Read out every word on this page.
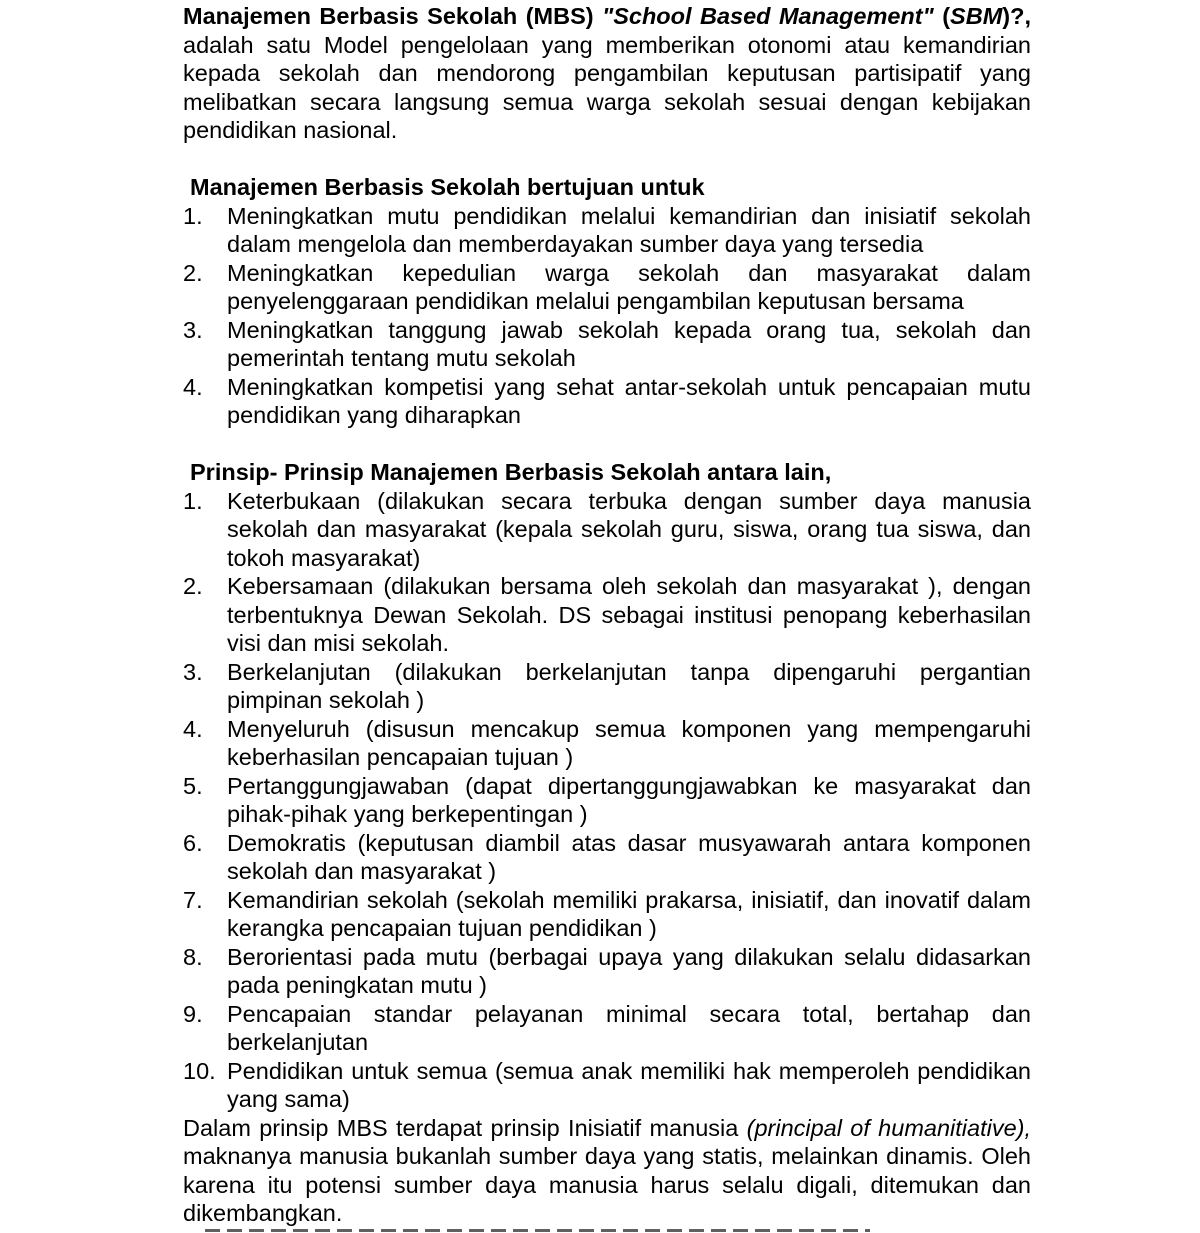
Manajemen Berbasis Sekolah (MBS) "School Based Management" (SBM)?, adalah satu Model pengelolaan yang memberikan otonomi atau kemandirian kepada sekolah dan mendorong pengambilan keputusan partisipatif yang melibatkan secara langsung semua warga sekolah sesuai dengan kebijakan pendidikan nasional.

Manajemen Berbasis Sekolah bertujuan untuk
1.	Meningkatkan mutu pendidikan melalui kemandirian dan inisiatif sekolah dalam mengelola dan memberdayakan sumber daya yang tersedia
2.	Meningkatkan kepedulian warga sekolah dan masyarakat dalam penyelenggaraan pendidikan melalui pengambilan keputusan bersama
3.	Meningkatkan tanggung jawab sekolah kepada orang tua, sekolah dan pemerintah tentang mutu sekolah
4.	Meningkatkan kompetisi yang sehat antar-sekolah untuk pencapaian mutu pendidikan yang diharapkan
Prinsip- Prinsip Manajemen Berbasis Sekolah antara lain,
1.	Keterbukaan (dilakukan secara terbuka dengan sumber daya manusia sekolah dan masyarakat (kepala sekolah guru, siswa, orang tua siswa, dan tokoh masyarakat)
2.	Kebersamaan (dilakukan bersama oleh sekolah dan masyarakat ), dengan terbentuknya Dewan Sekolah. DS sebagai institusi penopang keberhasilan visi dan misi sekolah.
3.	Berkelanjutan (dilakukan berkelanjutan tanpa dipengaruhi pergantian pimpinan sekolah )
4.	Menyeluruh (disusun mencakup semua komponen yang mempengaruhi keberhasilan pencapaian tujuan )
5.	Pertanggungjawaban (dapat dipertanggungjawabkan ke masyarakat dan pihak-pihak yang berkepentingan )
6.	Demokratis (keputusan diambil atas dasar musyawarah antara komponen sekolah dan masyarakat )
7.	Kemandirian sekolah (sekolah memiliki prakarsa, inisiatif, dan inovatif dalam kerangka pencapaian tujuan pendidikan )
8.	Berorientasi pada mutu (berbagai upaya yang dilakukan selalu didasarkan pada peningkatan mutu )
9.	Pencapaian standar pelayanan minimal secara total, bertahap dan berkelanjutan
10. Pendidikan untuk semua (semua anak memiliki hak memperoleh pendidikan yang sama)

Dalam prinsip MBS terdapat prinsip Inisiatif manusia (principal of humanitiative), maknanya manusia bukanlah sumber daya yang statis, melainkan dinamis. Oleh karena itu potensi sumber daya manusia harus selalu digali, ditemukan dan dikembangkan.
